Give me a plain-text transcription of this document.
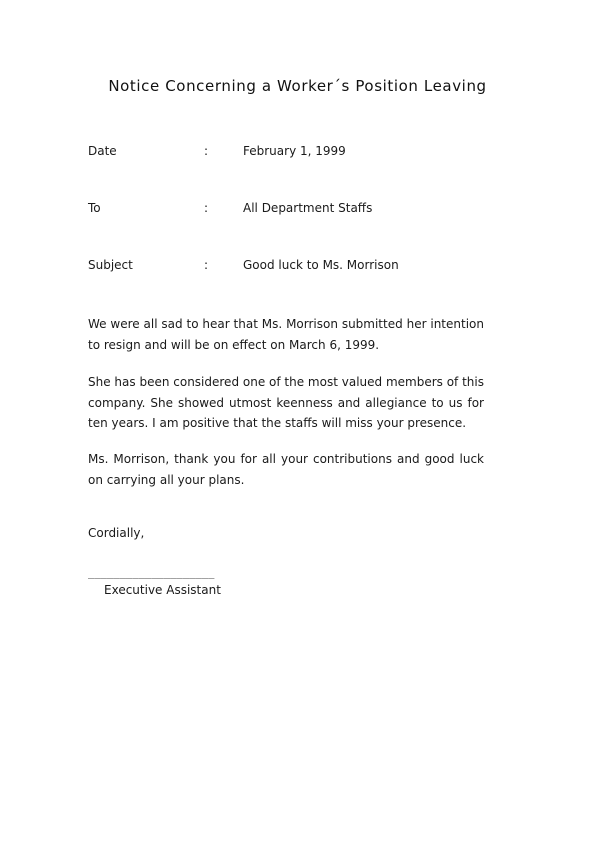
Notice Concerning a Worker´s Position Leaving
Date	:	February 1, 1999
To	:	All Department Staffs
Subject	:	Good luck to Ms. Morrison

We were all sad to hear that Ms. Morrison submitted her intention to resign and will be on effect on March 6, 1999.

She has been considered one of the most valued members of this company. She showed utmost keenness and allegiance to us for ten years. I am positive that the staffs will miss your presence.

Ms. Morrison, thank you for all your contributions and good luck on carrying all your plans.

Cordially,

____________________
Executive Assistant
